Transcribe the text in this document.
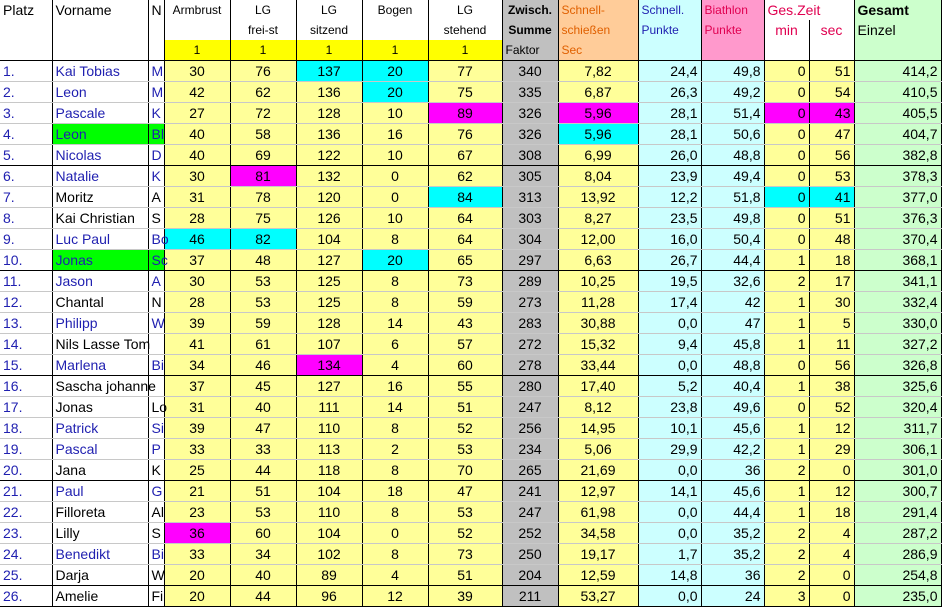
Platz	Vorname	N	Armbrust	LG	LG	Bogen	LG	Zwisch.	Schnell-	Schnell.	Biathlon	Ges.Zeit		Gesamt
				frei-st	sitzend		stehend	Summe	schießen	Punkte	Punkte	min	sec	Einzel
			1	1	1	1	1	Faktor	Sec					
1.	Kai Tobias	M	30	76	137	20	77	340	7,82	24,4	49,8	0	51	414,2
2.	Leon	M	42	62	136	20	75	335	6,87	26,3	49,2	0	54	410,5
3.	Pascale	K	27	72	128	10	89	326	5,96	28,1	51,4	0	43	405,5
4.	Leon	Bl	40	58	136	16	76	326	5,96	28,1	50,6	0	47	404,7
5.	Nicolas	D	40	69	122	10	67	308	6,99	26,0	48,8	0	56	382,8
6.	Natalie	K	30	81	132	0	62	305	8,04	23,9	49,4	0	53	378,3
7.	Moritz	A	31	78	120	0	84	313	13,92	12,2	51,8	0	41	377,0
8.	Kai Christian	S	28	75	126	10	64	303	8,27	23,5	49,8	0	51	376,3
9.	Luc Paul	Bo	46	82	104	8	64	304	12,00	16,0	50,4	0	48	370,4
10.	Jonas	Sc	37	48	127	20	65	297	6,63	26,7	44,4	1	18	368,1
11.	Jason	A	30	53	125	8	73	289	10,25	19,5	32,6	2	17	341,1
12.	Chantal	N	28	53	125	8	59	273	11,28	17,4	42	1	30	332,4
13.	Philipp	W	39	59	128	14	43	283	30,88	0,0	47	1	5	330,0
14.	Nils Lasse Tom		41	61	107	6	57	272	15,32	9,4	45,8	1	11	327,2
15.	Marlena	Bi	34	46	134	4	60	278	33,44	0,0	48,8	0	56	326,8
16.	Sascha johanne		37	45	127	16	55	280	17,40	5,2	40,4	1	38	325,6
17.	Jonas	Lo	31	40	111	14	51	247	8,12	23,8	49,6	0	52	320,4
18.	Patrick	Si	39	47	110	8	52	256	14,95	10,1	45,6	1	12	311,7
19.	Pascal	P	33	33	113	2	53	234	5,06	29,9	42,2	1	29	306,1
20.	Jana	K	25	44	118	8	70	265	21,69	0,0	36	2	0	301,0
21.	Paul	G	21	51	104	18	47	241	12,97	14,1	45,6	1	12	300,7
22.	Filloreta	Al	23	53	110	8	53	247	61,98	0,0	44,4	1	18	291,4
23.	Lilly	S	36	60	104	0	52	252	34,58	0,0	35,2	2	4	287,2
24.	Benedikt	Bi	33	34	102	8	73	250	19,17	1,7	35,2	2	4	286,9
25.	Darja	W	20	40	89	4	51	204	12,59	14,8	36	2	0	254,8
26.	Amelie	Fi	20	44	96	12	39	211	53,27	0,0	24	3	0	235,0
